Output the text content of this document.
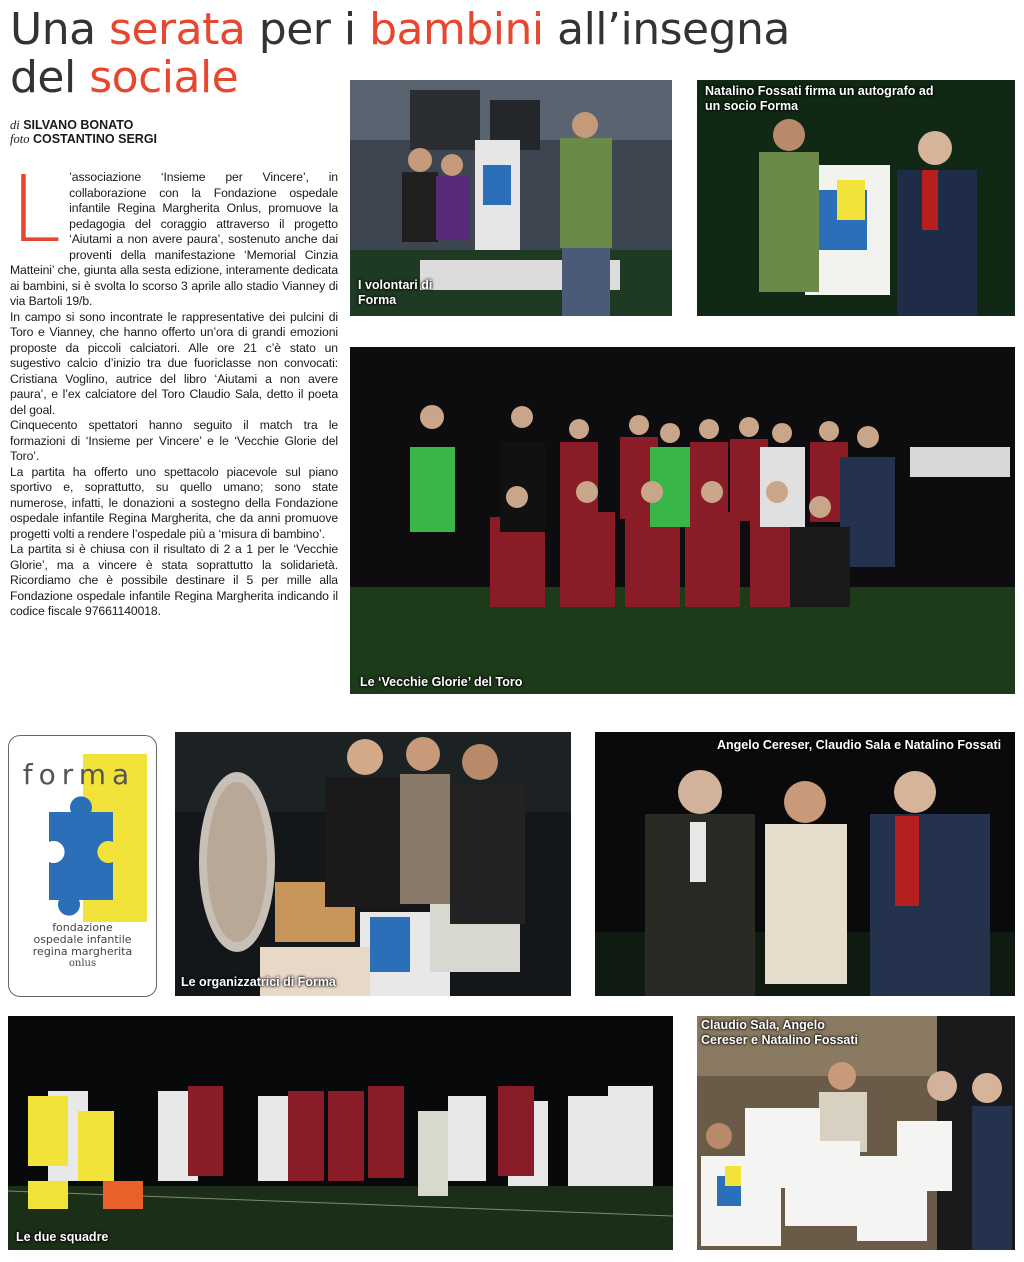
Una serata per i bambini all’insegna del sociale
di SILVANO BONATO
foto COSTANTINO SERGI

L ’associazione ‘Insieme per Vincere’, in collaborazione con la Fondazione ospedale infantile Regina Margherita Onlus, promuove la pedagogia del coraggio attraverso il progetto ‘Aiutami a non avere paura’, sostenuto anche dai proventi della manifestazione ‘Memorial Cinzia Matteini’ che, giunta alla sesta edizione, interamente dedicata ai bambini, si è svolta lo scorso 3 aprile allo stadio Vianney di via Bartoli 19/b.

In campo si sono incontrate le rappresentative dei pulcini di Toro e Vianney, che hanno offerto un’ora di grandi emozioni proposte da piccoli calciatori. Alle ore 21 c’è stato un sugestivo calcio d’inizio tra due fuoriclasse non convocati: Cristiana Voglino, autrice del libro ‘Aiutami a non avere paura’, e l’ex calciatore del Toro Claudio Sala, detto il poeta del goal.

Cinquecento spettatori hanno seguito il match tra le formazioni di ‘Insieme per Vincere’ e le ‘Vecchie Glorie del Toro’.

La partita ha offerto uno spettacolo piacevole sul piano sportivo e, soprattutto, su quello umano; sono state numerose, infatti, le donazioni a sostegno della Fondazione ospedale infantile Regina Margherita, che da anni promuove progetti volti a rendere l’ospedale più a ‘misura di bambino’.

La partita si è chiusa con il risultato di 2 a 1 per le ‘Vecchie Glorie’, ma a vincere è stata soprattutto la solidarietà. Ricordiamo che è possibile destinare il 5 per mille alla Fondazione ospedale infantile Regina Margherita indicando il codice fiscale 97661140018.

I volontari di Forma
Natalino Fossati firma un autografo ad un socio Forma
Le ‘Vecchie Glorie’ del Toro
forma
fondazione
ospedale infantile
regina margherita
onlus
Le organizzatrici di Forma
Angelo Cereser, Claudio Sala e Natalino Fossati
Le due squadre
Claudio Sala, Angelo Cereser e Natalino Fossati
